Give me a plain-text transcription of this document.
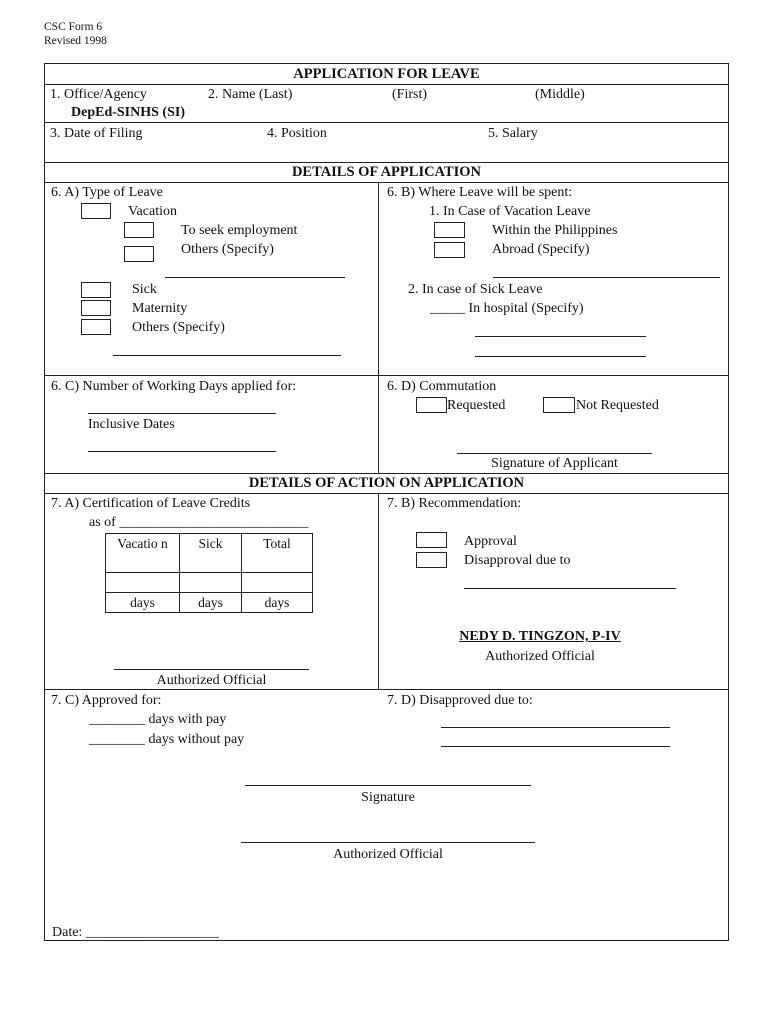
CSC Form 6
Revised 1998
APPLICATION FOR LEAVE
1. Office/Agency
DepEd-SINHS (SI)
2. Name (Last)	(First)	(Middle)
3. Date of Filing	4. Position	5. Salary
DETAILS OF APPLICATION
6. A) Type of Leave
Vacation
To seek employment
Others (Specify)
Sick
Maternity
Others (Specify)
6. B) Where Leave will be spent:
1. In Case of Vacation Leave
Within the Philippines
Abroad (Specify)
2. In case of Sick Leave
_____ In hospital (Specify)
6. C) Number of Working Days applied for:
Inclusive Dates
6. D) Commutation
Requested	Not Requested
Signature of Applicant
DETAILS OF ACTION ON APPLICATION
7. A) Certification of Leave Credits
as of ___________________________
Vacatio n	Sick	Total

days	days	days
Authorized Official
7. B) Recommendation:
Approval
Disapproval due to
NEDY D. TINGZON, P-IV
Authorized Official
7. C) Approved for:
________ days with pay
________ days without pay
7. D) Disapproved due to:
Signature
Authorized Official
Date: ___________________
